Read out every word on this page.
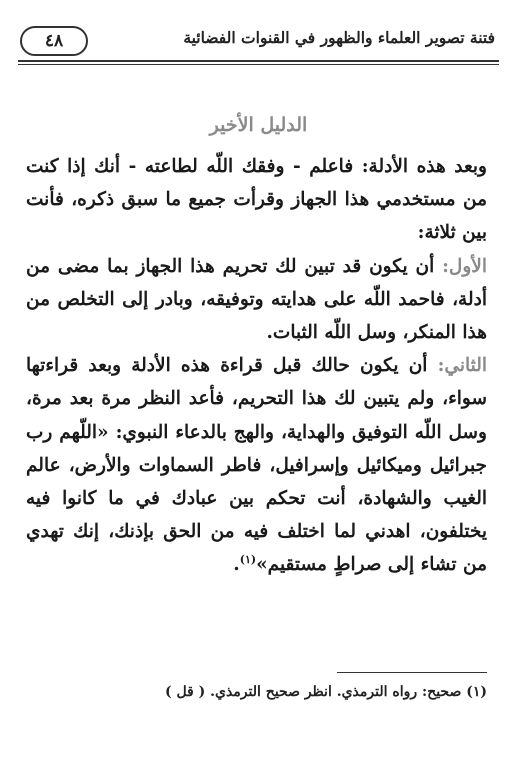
فتنة تصوير العلماء والظهور في القنوات الفضائية
٤٨
الدليل الأخير

وبعد هذه الأدلة: فاعلم - وفقك اللّه لطاعته - أنك إذا كنت من مستخدمي هذا الجهاز وقرأت جميع ما سبق ذكره، فأنت بين ثلاثة:

الأول: أن يكون قد تبين لك تحريم هذا الجهاز بما مضى من أدلة، فاحمد اللّه على هدايته وتوفيقه، وبادر إلى التخلص من هذا المنكر، وسل اللّه الثبات.

الثاني: أن يكون حالك قبل قراءة هذه الأدلة وبعد قراءتها سواء، ولم يتبين لك هذا التحريم، فأعد النظر مرة بعد مرة، وسل اللّه التوفيق والهداية، والهج بالدعاء النبوي: «اللّهم رب جبرائيل وميكائيل وإسرافيل، فاطر السماوات والأرض، عالم الغيب والشهادة، أنت تحكم بين عبادك في ما كانوا فيه يختلفون، اهدني لما اختلف فيه من الحق بإذنك، إنك تهدي من تشاء إلى صراطٍ مستقيم»$^{(١)}$.

(١) صحيح: رواه الترمذي. انظر صحيح الترمذي. ( قل )
